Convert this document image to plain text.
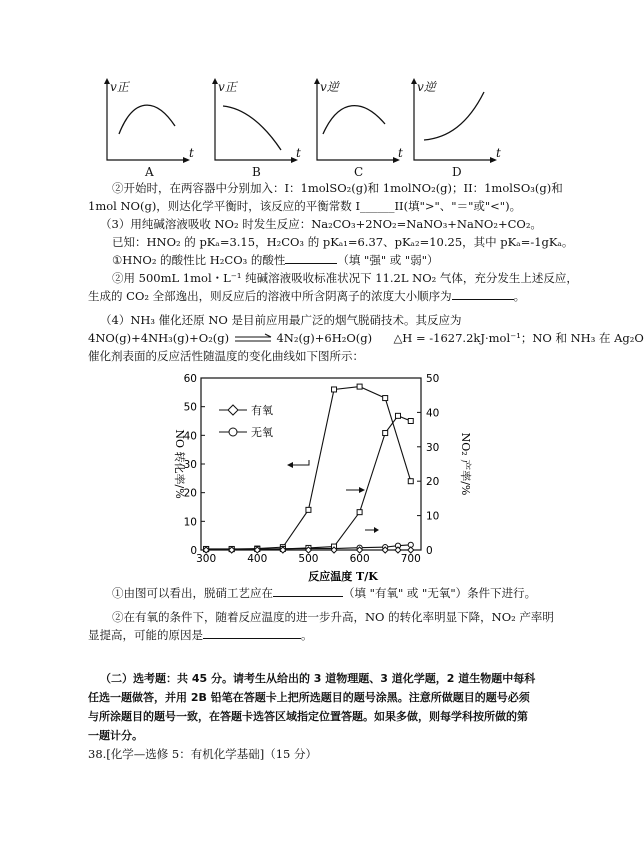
v正
t
A
v正
t
B
v逆
t
C
v逆
t
D
②开始时，在两容器中分别加入：I：1molSO₂(g)和 1molNO₂(g)；II：1molSO₃(g)和
1mol NO(g)，则达化学平衡时，该反应的平衡常数 I______II(填">"、"＝"或"<")。
（3）用纯碱溶液吸收 NO₂ 时发生反应：Na₂CO₃+2NO₂=NaNO₃+NaNO₂+CO₂。
已知：HNO₂ 的 pKₐ=3.15，H₂CO₃ 的 pKₐ₁=6.37、pKₐ₂=10.25，其中 pKₐ=-1gKₐ。
①HNO₂ 的酸性比 H₂CO₃ 的酸性	（填 "强" 或 "弱"）
②用 500mL 1mol・L⁻¹ 纯碱溶液吸收标准状况下 11.2L NO₂ 气体，充分发生上述反应，
生成的 CO₂ 全部逸出，则反应后的溶液中所含阴离子的浓度大小顺序为	。
（4）NH₃ 催化还原 NO 是目前应用最广泛的烟气脱硝技术。其反应为
4NO(g)+4NH₃(g)+O₂(g)	4N₂(g)+6H₂O(g) △H = -1627.2kJ·mol⁻¹；NO 和 NH₃ 在 Ag₂O
催化剂表面的反应活性随温度的变化曲线如下图所示：
有氧
无氧
NO 转化率/%	NO₂ 产率/%
反应温度 T/K
300	400	500	600	700
0
10
20
30
40
50
60
0
10
20
30
40
50
①由图可以看出，脱硝工艺应在	（填 "有氧" 或 "无氧"）条件下进行。
②在有氧的条件下，随着反应温度的进一步升高，NO 的转化率明显下降，NO₂ 产率明
显提高，可能的原因是	。
（二）选考题：共 45 分。请考生从给出的 3 道物理题、3 道化学题，2 道生物题中每科
任选一题做答，并用 2B 铅笔在答题卡上把所选题目的题号涂黑。注意所做题目的题号必须
与所涂题目的题号一致，在答题卡选答区域指定位置答题。如果多做，则每学科按所做的第
一题计分。
38.[化学—选修 5：有机化学基础]（15 分）
